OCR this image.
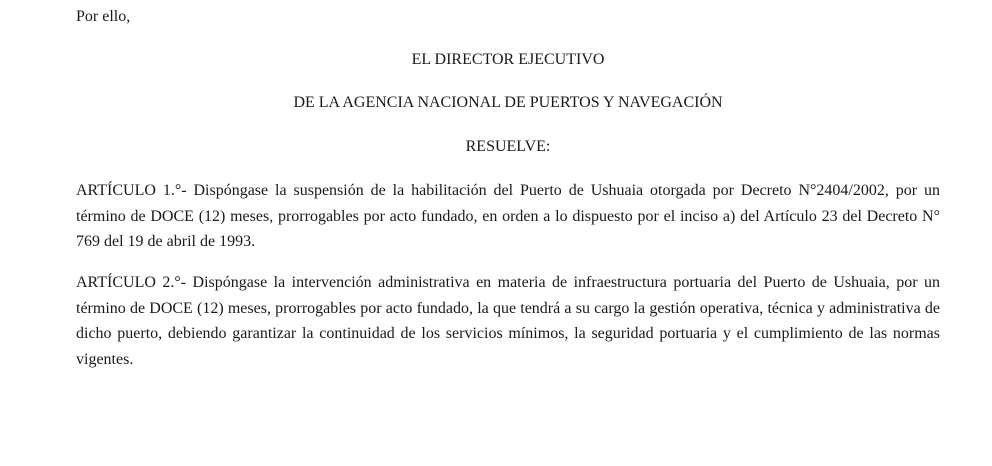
Por ello,
EL DIRECTOR EJECUTIVO
DE LA AGENCIA NACIONAL DE PUERTOS Y NAVEGACIÓN
RESUELVE:

ARTÍCULO 1.°- Dispóngase la suspensión de la habilitación del Puerto de Ushuaia otorgada por Decreto N°2404/2002, por un término de DOCE (12) meses, prorrogables por acto fundado, en orden a lo dispuesto por el inciso a) del Artículo 23 del Decreto N° 769 del 19 de abril de 1993.

ARTÍCULO 2.°- Dispóngase la intervención administrativa en materia de infraestructura portuaria del Puerto de Ushuaia, por un término de DOCE (12) meses, prorrogables por acto fundado, la que tendrá a su cargo la gestión operativa, técnica y administrativa de dicho puerto, debiendo garantizar la continuidad de los servicios mínimos, la seguridad portuaria y el cumplimiento de las normas vigentes.
